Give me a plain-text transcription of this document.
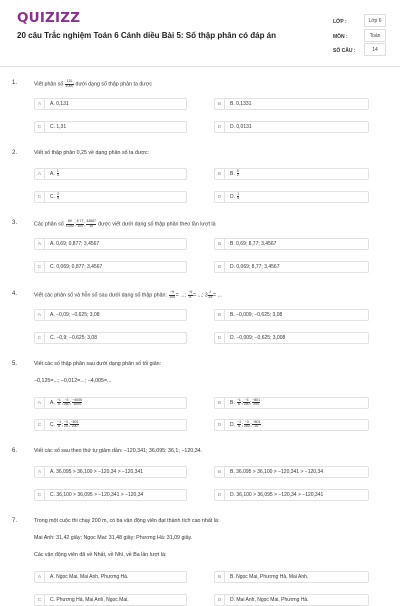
QUIZIZZ
20 câu Trắc nghiệm Toán 6 Cánh diều Bài 5: Số thập phân có đáp án
LỚP :	Lớp 6
MÔN :	Toán
SỐ CÂU :	14
1.	Viết phân số $\frac{131}{1000}$ dưới dạng số thập phân ta được
A	A. 0,131	B	B. 0,1331
C	C. 1,31	D	D. 0,0131
2.	Viết số thập phân 0,25 về dạng phân số ta được:
A	A. $\frac{1}{4}$	B	B. $\frac{5}{2}$
C	C. $\frac{2}{5}$	D	D. $\frac{1}{5}$
3.	Các phân số $\frac{69}{1000}$ ; $\frac{8 77}{100}$ ; $\frac{34567}{10}$ được viết dưới dạng số thập phân theo lần lượt là
A	A. 0,69; 0,877; 3,4567	B	B. 0,69; 8,77; 3,4567
C	C. 0,069; 0,877; 3,4567	D	D. 0,069; 8,77; 3,4567
4.	Viết các phân số và hỗn số sau dưới dạng số thập phân: $\frac{-9}{100}$ = ...; $\frac{-5}{8}$ = ...; $3 \frac{2}{25}$ = ...
A	A. −0,09; −0,625; 3,08	B	B. −0,009; −0,625; 3,08
C	C. −0,9; −0,625; 3,08	D	D. −0,009; −0,625; 3,008
5.	Viết các số thập phân sau dưới dạng phân số tối giản:
−0,125=...; −0,012=...; −4,005=...
A	A. $\frac{-1}{8}$ ; $\frac{-3}{250}$ ; $\frac{-4005}{1000}$	B	B. $\frac{-1}{8}$ ; $\frac{-3}{250}$ ; $\frac{-801}{200}$
C	C. $\frac{-1}{8}$ ; $\frac{-3}{25}$ ; $\frac{-801}{200}$	D	D. $\frac{-1}{8}$ ; $\frac{-3}{250}$ ; $\frac{-801}{20}$
6.	Viết các số sau theo thứ tự giảm dần: −120,341; 36,095; 36,1; −120,34.
A	A. 36,095 > 36,100 > −120,34 > −120,341	B	B. 36,095 > 36,100 > −120,341 > −120,34
C	C. 36,100 > 36,095 > −120,341 > −120,34	D	D. 36,100 > 36,095 > −120,34 > −120,341
7.	Trong một cuộc thi chạy 200 m, có ba vận động viên đạt thành tích cao nhất là:
Mai Anh: 31,42 giây; Ngọc Mai: 31,48 giây; Phương Hà: 31,09 giây.
Các vận động viên đã về Nhất, về Nhì, về Ba lần lượt là:
A	A. Ngọc Mai, Mai Anh, Phương Hà.	B	B. Ngọc Mai, Phương Hà, Mai Anh.
C	C. Phương Hà, Mai Anh, Ngọc Mai.	D	D. Mai Anh, Ngọc Mai, Phương Hà.
